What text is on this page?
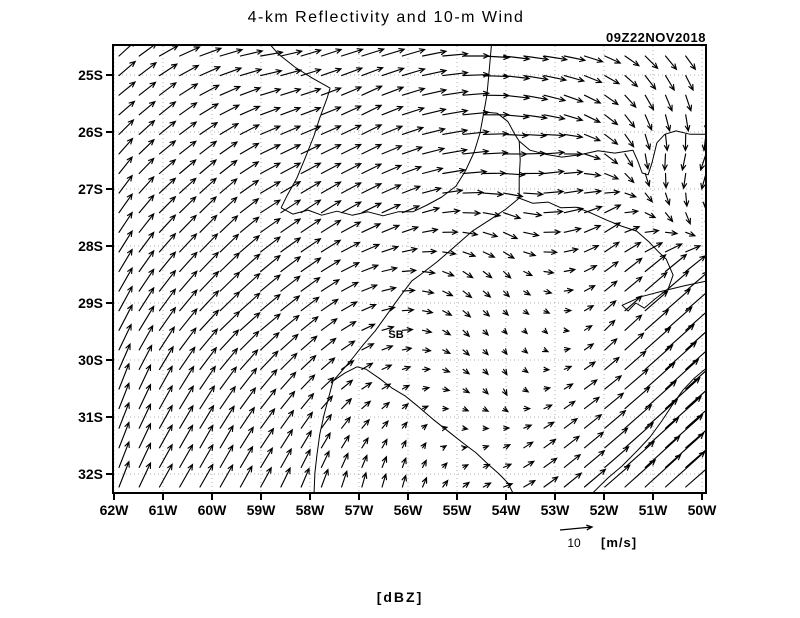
4-km Reflectivity and 10-m Wind
09Z22NOV2018
SB
25S
26S
27S
28S
29S
30S
31S
32S
62W 61W 60W 59W 58W 57W 56W 55W 54W 53W 52W 51W 50W
10 [m/s]
[dBZ]
